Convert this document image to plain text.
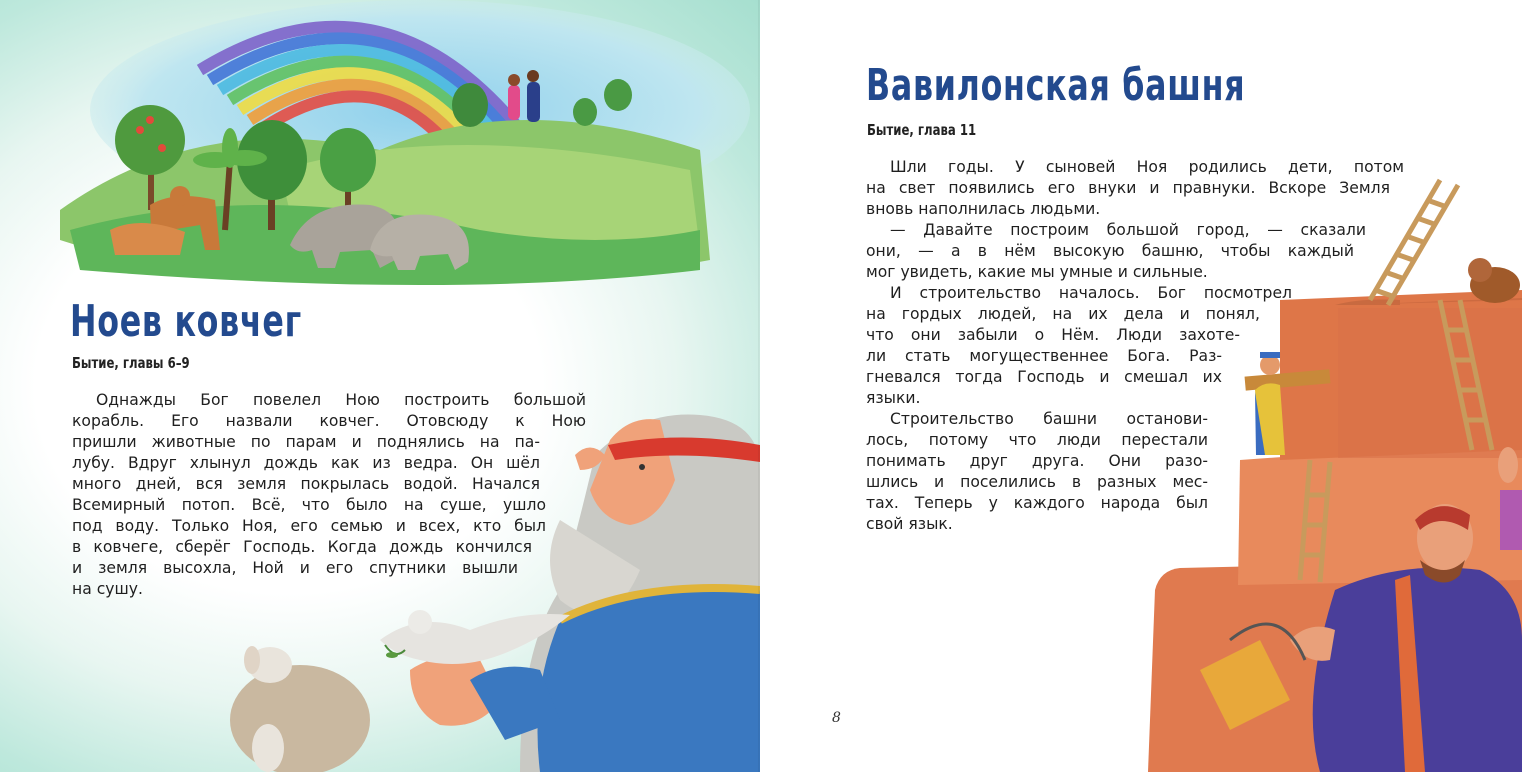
Ноев ковчег
Бытие, главы 6–9
Однажды Бог повелел Ною построить большой
корабль. Его назвали ковчег. Отовсюду к Ною
пришли животные по парам и поднялись на па-
лубу. Вдруг хлынул дождь как из ведра. Он шёл
много дней, вся земля покрылась водой. Начался
Всемирный потоп. Всё, что было на суше, ушло
под воду. Только Ноя, его семью и всех, кто был
в ковчеге, сберёг Господь. Когда дождь кончился
и земля высохла, Ной и его спутники вышли
на сушу.
Вавилонская башня
Бытие, глава 11
Шли годы. У сыновей Ноя родились дети, потом
на свет появились его внуки и правнуки. Вскоре Земля
вновь наполнилась людьми.
— Давайте построим большой город, — сказали
они, — а в нём высокую башню, чтобы каждый
мог увидеть, какие мы умные и сильные.
И строительство началось. Бог посмотрел
на гордых людей, на их дела и понял,
что они забыли о Нём. Люди захоте-
ли стать могущественнее Бога. Раз-
гневался тогда Господь и смешал их
языки.
Строительство башни останови-
лось, потому что люди перестали
понимать друг друга. Они разо-
шлись и поселились в разных мес-
тах. Теперь у каждого народа был
свой язык.
8
